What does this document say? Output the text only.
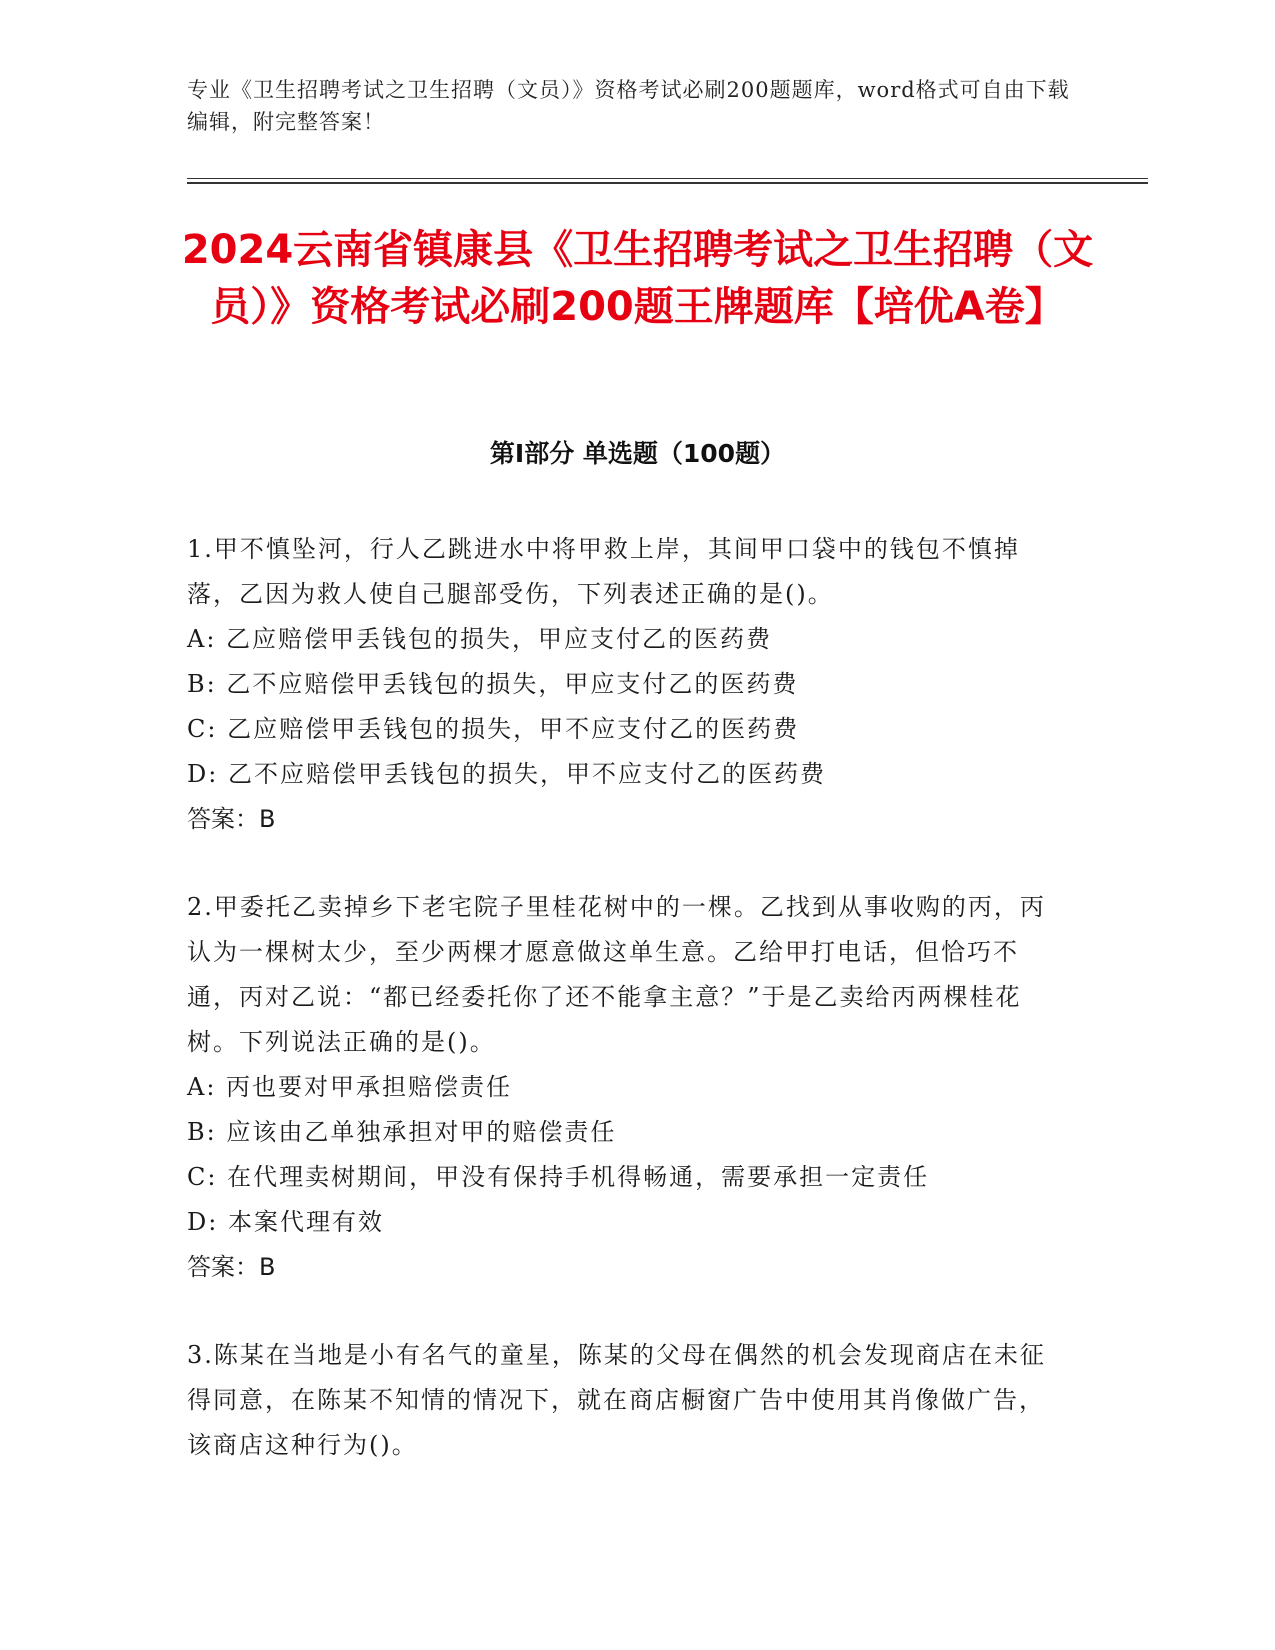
专业《卫生招聘考试之卫生招聘（文员）》资格考试必刷200题题库，word格式可自由下载编辑，附完整答案！
2024云南省镇康县《卫生招聘考试之卫生招聘（文员）》资格考试必刷200题王牌题库【培优A卷】
第Ⅰ部分 单选题（100题）

1.甲不慎坠河，行人乙跳进水中将甲救上岸，其间甲口袋中的钱包不慎掉落，乙因为救人使自己腿部受伤，下列表述正确的是()。

A: 乙应赔偿甲丢钱包的损失，甲应支付乙的医药费

B: 乙不应赔偿甲丢钱包的损失，甲应支付乙的医药费

C: 乙应赔偿甲丢钱包的损失，甲不应支付乙的医药费

D: 乙不应赔偿甲丢钱包的损失，甲不应支付乙的医药费

答案：B

2.甲委托乙卖掉乡下老宅院子里桂花树中的一棵。乙找到从事收购的丙，丙认为一棵树太少，至少两棵才愿意做这单生意。乙给甲打电话，但恰巧不通，丙对乙说：“都已经委托你了还不能拿主意？”于是乙卖给丙两棵桂花树。下列说法正确的是()。

A: 丙也要对甲承担赔偿责任

B: 应该由乙单独承担对甲的赔偿责任

C: 在代理卖树期间，甲没有保持手机得畅通，需要承担一定责任

D: 本案代理有效

答案：B

3.陈某在当地是小有名气的童星，陈某的父母在偶然的机会发现商店在未征得同意，在陈某不知情的情况下，就在商店橱窗广告中使用其肖像做广告，该商店这种行为()。
